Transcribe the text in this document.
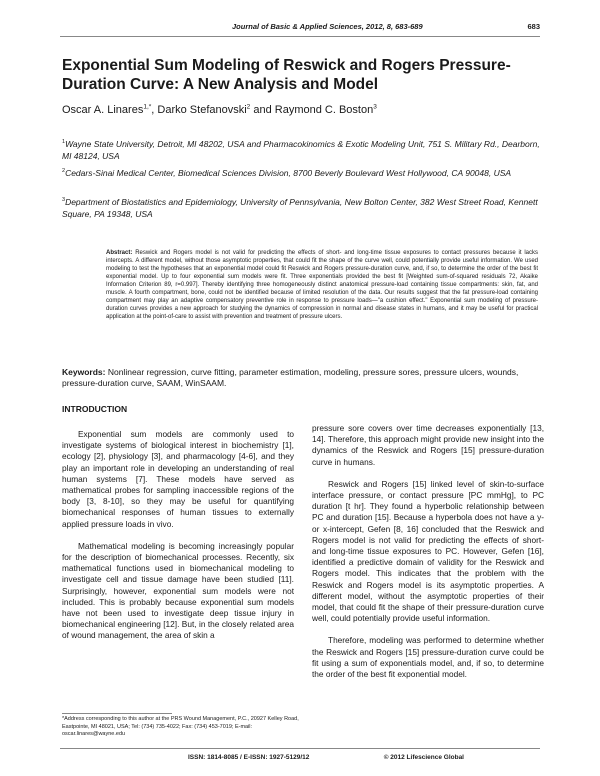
Journal of Basic & Applied Sciences, 2012, 8, 683-689	683
Exponential Sum Modeling of Reswick and Rogers Pressure-Duration Curve: A New Analysis and Model
Oscar A. Linares$^{1,*}$, Darko Stefanovski$^2$ and Raymond C. Boston$^3$
$^1$Wayne State University, Detroit, MI 48202, USA and Pharmacokinomics & Exotic Modeling Unit, 751 S. Military Rd., Dearborn, MI 48124, USA
$^2$Cedars-Sinai Medical Center, Biomedical Sciences Division, 8700 Beverly Boulevard West Hollywood, CA 90048, USA
$^3$Department of Biostatistics and Epidemiology, University of Pennsylvania, New Bolton Center, 382 West Street Road, Kennett Square, PA 19348, USA
Abstract: Reswick and Rogers model is not valid for predicting the effects of short- and long-time tissue exposures to contact pressures because it lacks intercepts. A different model, without those asymptotic properties, that could fit the shape of the curve well, could potentially provide useful information. We used modeling to test the hypotheses that an exponential model could fit Reswick and Rogers pressure-duration curve, and, if so, to determine the order of the best fit exponential model. Up to four exponential sum models were fit. Three exponentials provided the best fit [Weighted sum-of-squared residuals 72, Akaike Information Criterion 89, r=0.997]. Thereby identifying three homogeneously distinct anatomical pressure-load containing tissue compartments: skin, fat, and muscle. A fourth compartment, bone, could not be identified because of limited resolution of the data. Our results suggest that the fat pressure-load containing compartment may play an adaptive compensatory preventive role in response to pressure loads—"a cushion effect." Exponential sum modeling of pressure-duration curves provides a new approach for studying the dynamics of compression in normal and disease states in humans, and it may be useful for practical application at the point-of-care to assist with prevention and treatment of pressure ulcers.
Keywords: Nonlinear regression, curve fitting, parameter estimation, modeling, pressure sores, pressure ulcers, wounds, pressure-duration curve, SAAM, WinSAAM.
INTRODUCTION

Exponential sum models are commonly used to investigate systems of biological interest in biochemistry [1], ecology [2], physiology [3], and pharmacology [4-6], and they play an important role in developing an understanding of real human systems [7]. These models have served as mathematical probes for sampling inaccessible regions of the body [3, 8-10], so they may be useful for quantifying biomechanical responses of human tissues to externally applied pressure loads in vivo.

Mathematical modeling is becoming increasingly popular for the description of biomechanical processes. Recently, six mathematical functions used in biomechanical modeling to investigate cell and tissue damage have been studied [11]. Surprisingly, however, exponential sum models were not included. This is probably because exponential sum models have not been used to investigate deep tissue injury in biomechanical engineering [12]. But, in the closely related area of wound management, the area of skin a

pressure sore covers over time decreases exponentially [13, 14]. Therefore, this approach might provide new insight into the dynamics of the Reswick and Rogers [15] pressure-duration curve in humans.

Reswick and Rogers [15] linked level of skin-to-surface interface pressure, or contact pressure [PC mmHg], to PC duration [t hr]. They found a hyperbolic relationship between PC and duration [15]. Because a hyperbola does not have a y- or x-intercept, Gefen [8, 16] concluded that the Reswick and Rogers model is not valid for predicting the effects of short- and long-time tissue exposures to PC. However, Gefen [16], identified a predictive domain of validity for the Reswick and Rogers model. This indicates that the problem with the Reswick and Rogers model is its asymptotic properties. A different model, without the asymptotic properties of their model, that could fit the shape of their pressure-duration curve well, could potentially provide useful information.

Therefore, modeling was performed to determine whether the Reswick and Rogers [15] pressure-duration curve could be fit using a sum of exponentials model, and, if so, to determine the order of the best fit exponential model.

*Address corresponding to this author at the PRS Wound Management, P.C., 20927 Kelley Road, Eastpointe, MI 48021, USA; Tel: (734) 735-4022; Fax: (734) 453-7019; E-mail: oscar.linares@wayne.edu
ISSN: 1814-8085 / E-ISSN: 1927-5129/12	© 2012 Lifescience Global
